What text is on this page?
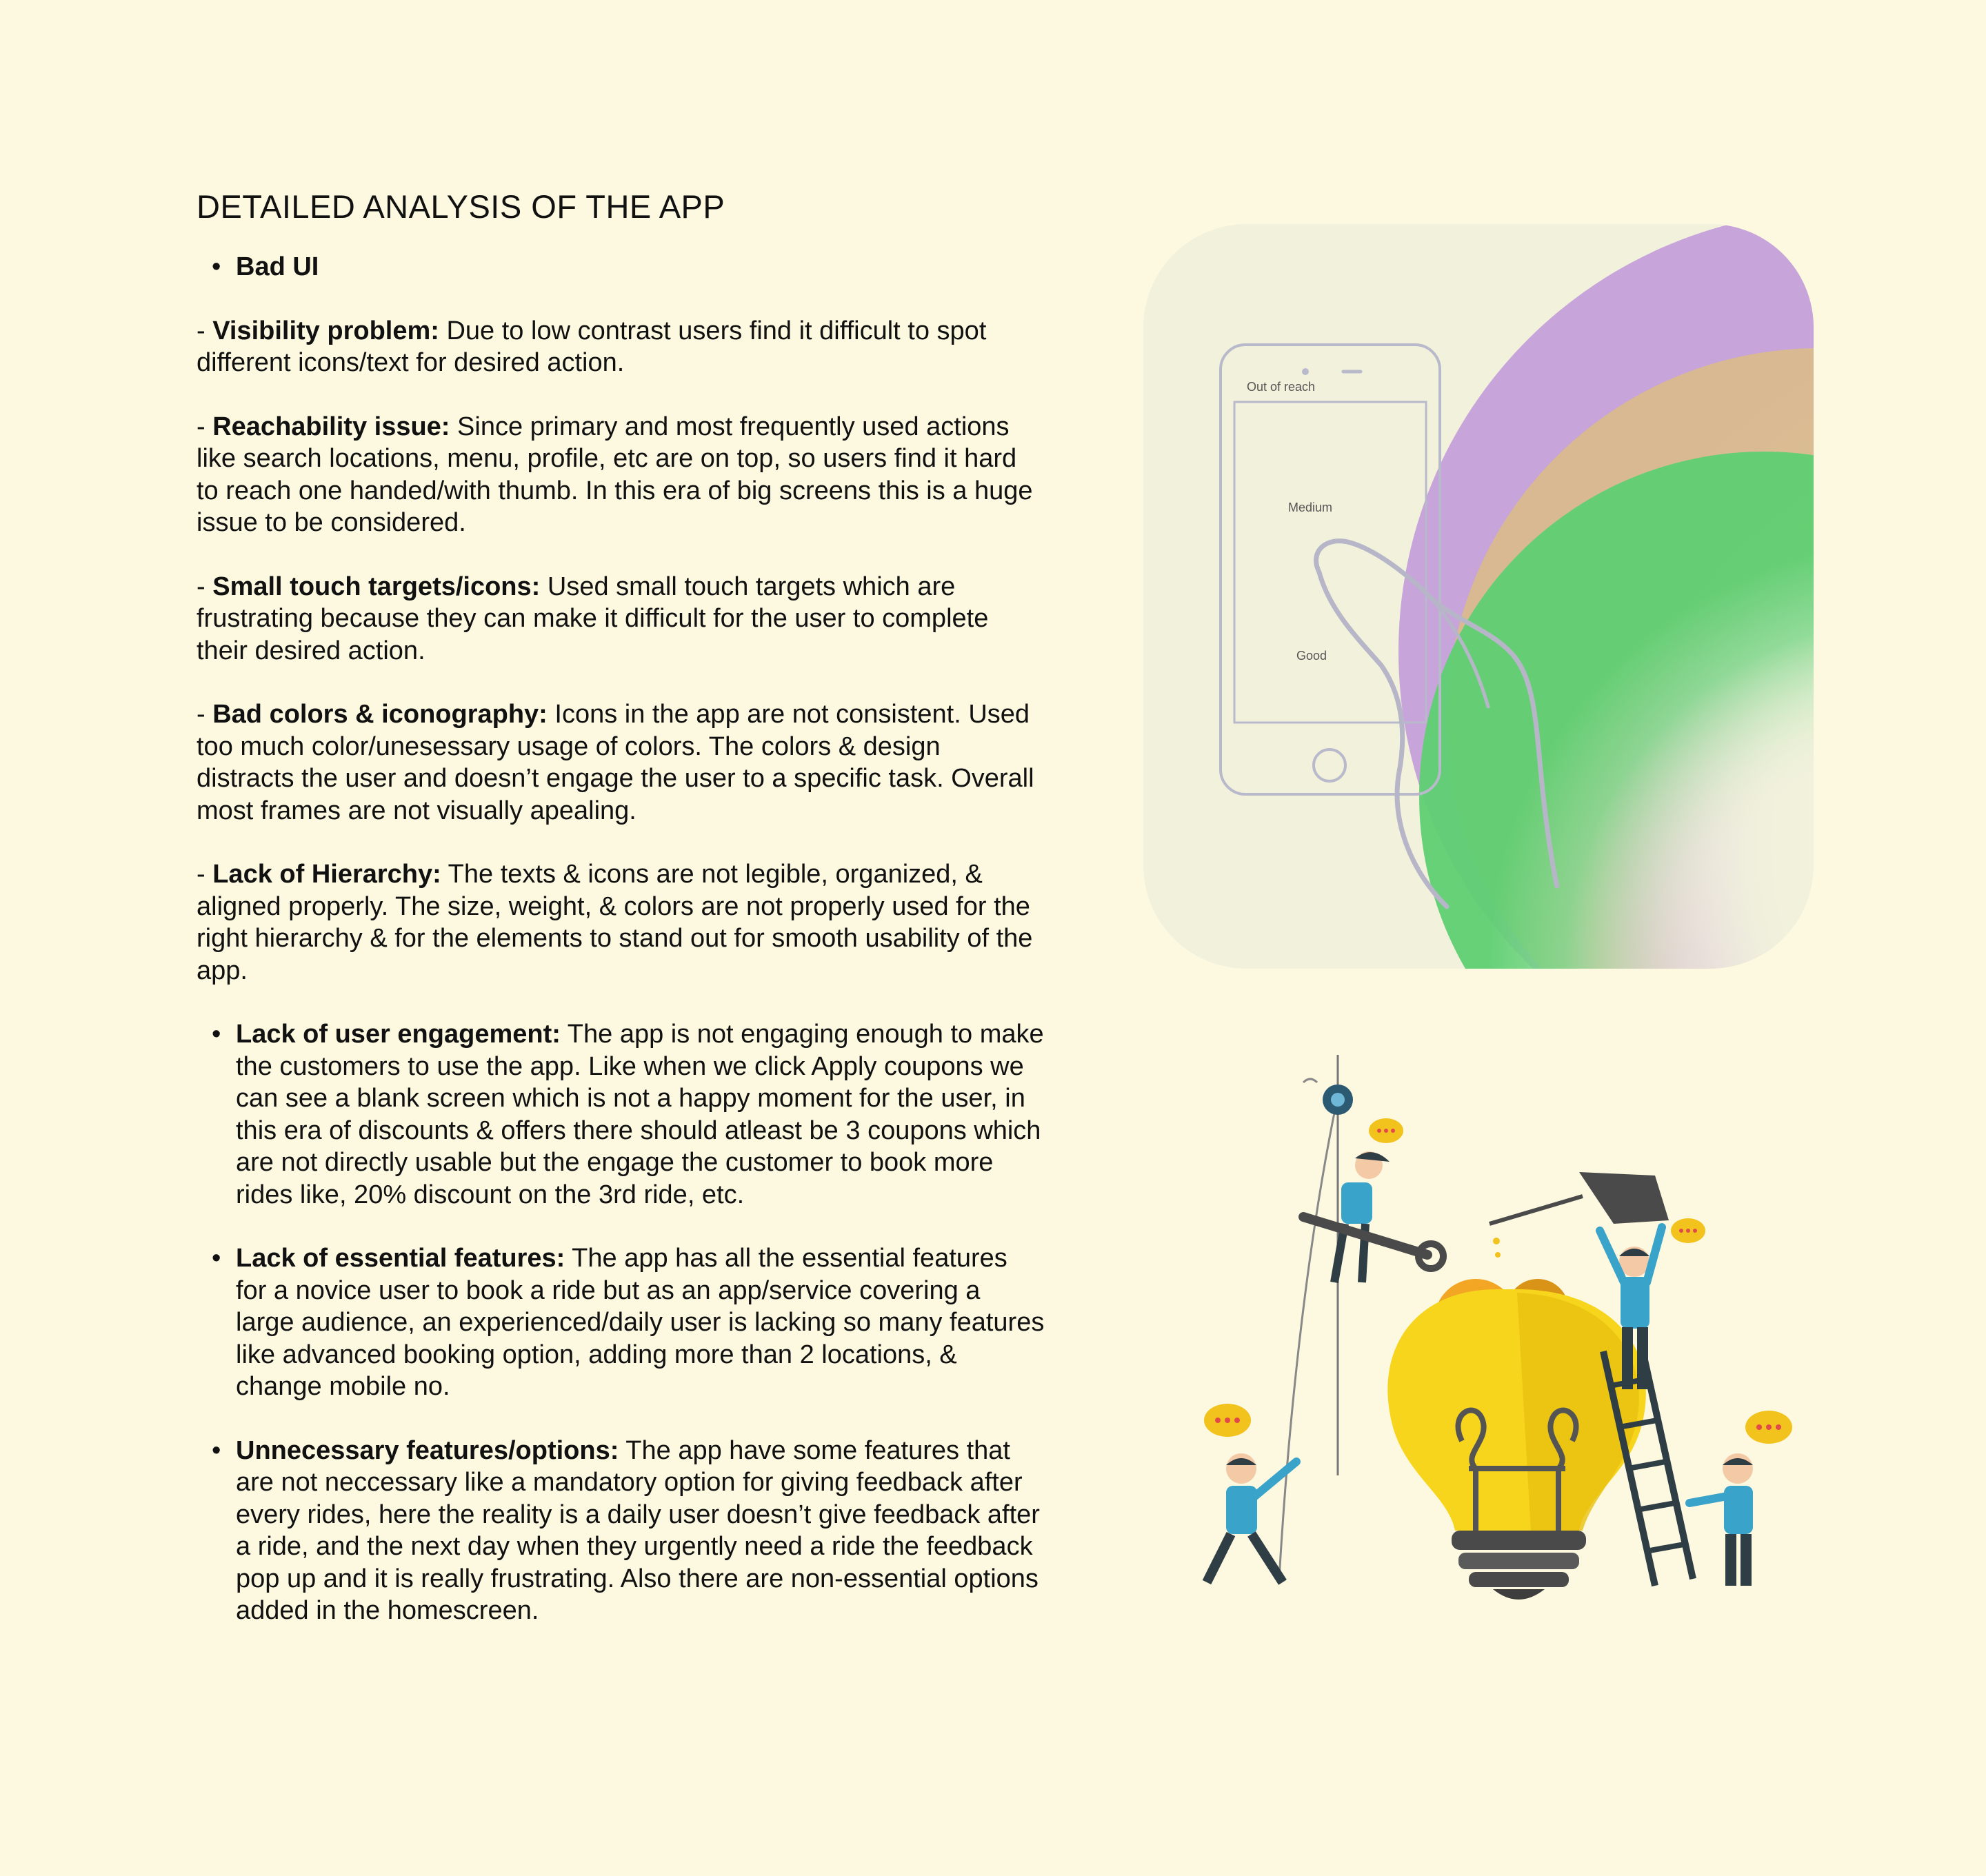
DETAILED ANALYSIS OF THE APP
• Bad UI
- Visibility problem: Due to low contrast users find it difficult to spot different icons/text for desired action.
- Reachability issue: Since primary and most frequently used actions like search locations, menu, profile, etc are on top, so users find it hard to reach one handed/with thumb. In this era of big screens this is a huge issue to be considered.
- Small touch targets/icons: Used small touch targets which are frustrating because they can make it difficult for the user to complete their desired action.
- Bad colors & iconography: Icons in the app are not consistent. Used too much color/unesessary usage of colors. The colors & design distracts the user and doesn’t engage the user to a specific task. Overall most frames are not visually apealing.
- Lack of Hierarchy: The texts & icons are not legible, organized, & aligned properly. The size, weight, & colors are not properly used for the right hierarchy & for the elements to stand out for smooth usability of the app.
• Lack of user engagement: The app is not engaging enough to make the customers to use the app. Like when we click Apply coupons we can see a blank screen which is not a happy moment for the user, in this era of discounts & offers there should atleast be 3 coupons which are not directly usable but the engage the customer to book more rides like, 20% discount on the 3rd ride, etc.
• Lack of essential features: The app has all the essential features for a novice user to book a ride but as an app/service covering a large audience, an experienced/daily user is lacking so many features like advanced booking option, adding more than 2 locations, & change mobile no.
• Unnecessary features/options: The app have some features that are not neccessary like a mandatory option for giving feedback after every rides, here the reality is a daily user doesn’t give feedback after a ride, and the next day when they urgently need a ride the feedback pop up and it is really frustrating. Also there are non-essential options added in the homescreen.
Out of reach
Medium
Good
